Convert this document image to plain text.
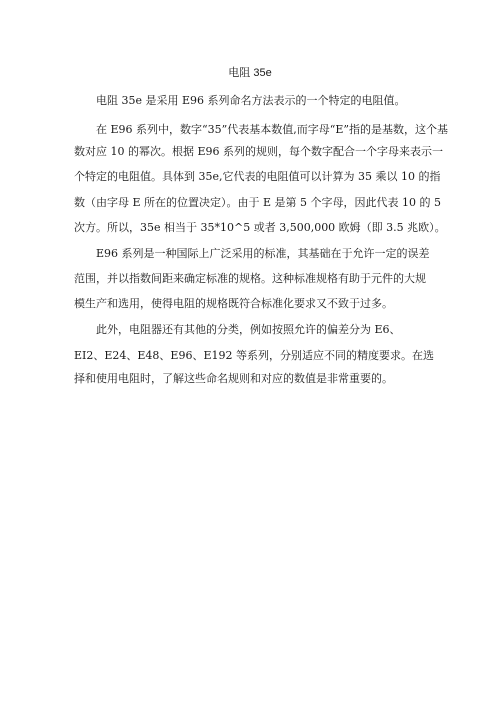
电阻 35e
电阻 35e 是采用 E96 系列命名方法表示的一个特定的电阻值。
在 E96 系列中，数字“35”代表基本数值,而字母“E”指的是基数，这个基
数对应 10 的幂次。根据 E96 系列的规则，每个数字配合一个字母来表示一
个特定的电阻值。具体到 35e,它代表的电阻值可以计算为 35 乘以 10 的指
数（由字母 E 所在的位置决定）。由于 E 是第 5 个字母，因此代表 10 的 5
次方。所以，35e 相当于 35*10^5 或者 3,500,000 欧姆（即 3.5 兆欧）。
E96 系列是一种国际上广泛采用的标准，其基础在于允许一定的误差
范围，并以指数间距来确定标准的规格。这种标准规格有助于元件的大规
模生产和选用，使得电阻的规格既符合标准化要求又不致于过多。
此外，电阻器还有其他的分类，例如按照允许的偏差分为 E6、
EI2、E24、E48、E96、E192 等系列，分别适应不同的精度要求。在选
择和使用电阻时，了解这些命名规则和对应的数值是非常重要的。
